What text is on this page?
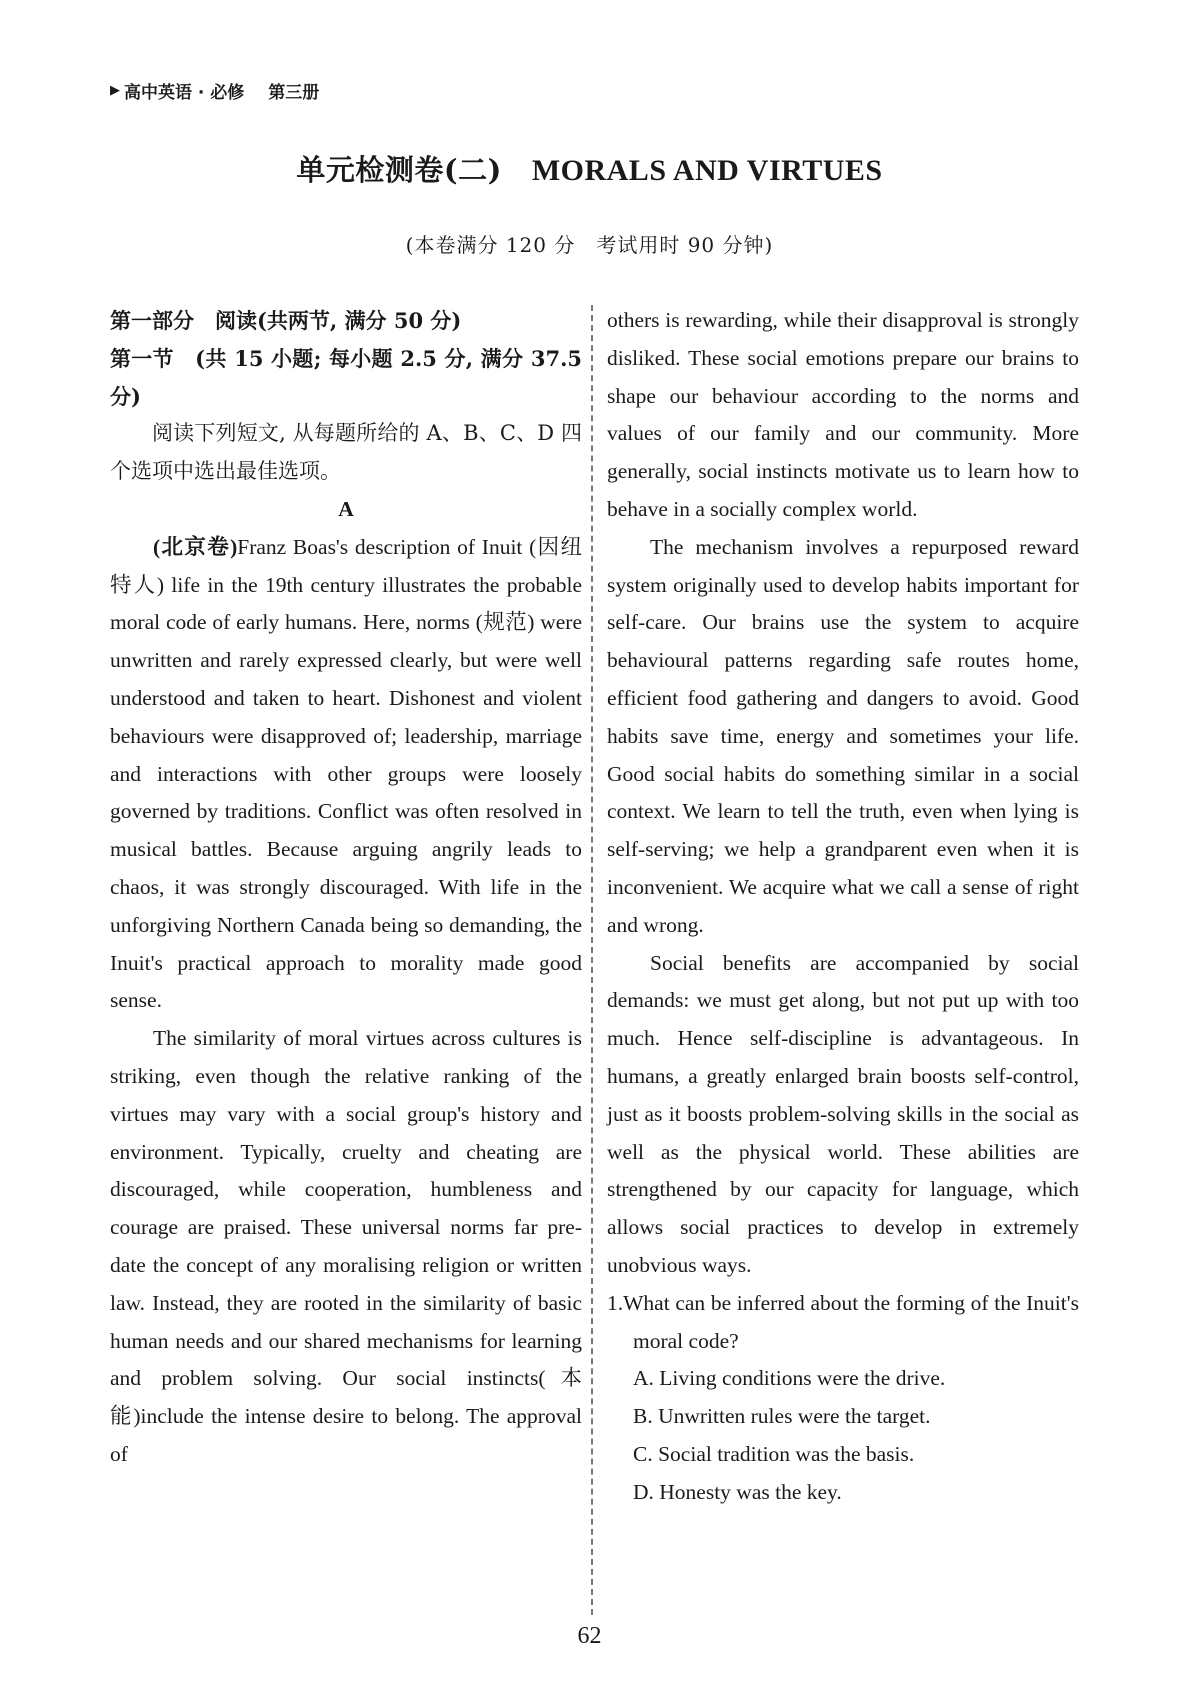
▶ 高中英语 · 必修 第三册
单元检测卷(二) MORALS AND VIRTUES
(本卷满分 120 分　考试用时 90 分钟)

第一部分　阅读(共两节, 满分 50 分)

第一节　(共 15 小题; 每小题 2.5 分, 满分 37.5 分)

阅读下列短文, 从每题所给的 A、B、C、D 四个选项中选出最佳选项。

A

(北京卷)Franz Boas's description of Inuit (因纽特人) life in the 19th century illustrates the probable moral code of early humans. Here, norms (规范) were unwritten and rarely expressed clearly, but were well understood and taken to heart. Dishonest and violent behaviours were disapproved of; leadership, marriage and interactions with other groups were loosely governed by traditions. Conflict was often resolved in musical battles. Because arguing angrily leads to chaos, it was strongly discouraged. With life in the unforgiving Northern Canada being so demanding, the Inuit's practical approach to morality made good sense.

The similarity of moral virtues across cultures is striking, even though the relative ranking of the virtues may vary with a social group's history and environment. Typically, cruelty and cheating are discouraged, while cooperation, humbleness and courage are praised. These universal norms far pre-date the concept of any moralising religion or written law. Instead, they are rooted in the similarity of basic human needs and our shared mechanisms for learning and problem solving. Our social instincts(本能)include the intense desire to belong. The approval of

others is rewarding, while their disapproval is strongly disliked. These social emotions prepare our brains to shape our behaviour according to the norms and values of our family and our community. More generally, social instincts motivate us to learn how to behave in a socially complex world.

The mechanism involves a repurposed reward system originally used to develop habits important for self-care. Our brains use the system to acquire behavioural patterns regarding safe routes home, efficient food gathering and dangers to avoid. Good habits save time, energy and sometimes your life. Good social habits do something similar in a social context. We learn to tell the truth, even when lying is self-serving; we help a grandparent even when it is inconvenient. We acquire what we call a sense of right and wrong.

Social benefits are accompanied by social demands: we must get along, but not put up with too much. Hence self-discipline is advantageous. In humans, a greatly enlarged brain boosts self-control, just as it boosts problem-solving skills in the social as well as the physical world. These abilities are strengthened by our capacity for language, which allows social practices to develop in extremely unobvious ways.

1.What can be inferred about the forming of the Inuit's moral code?

A. Living conditions were the drive.

B. Unwritten rules were the target.

C. Social tradition was the basis.

D. Honesty was the key.

62
